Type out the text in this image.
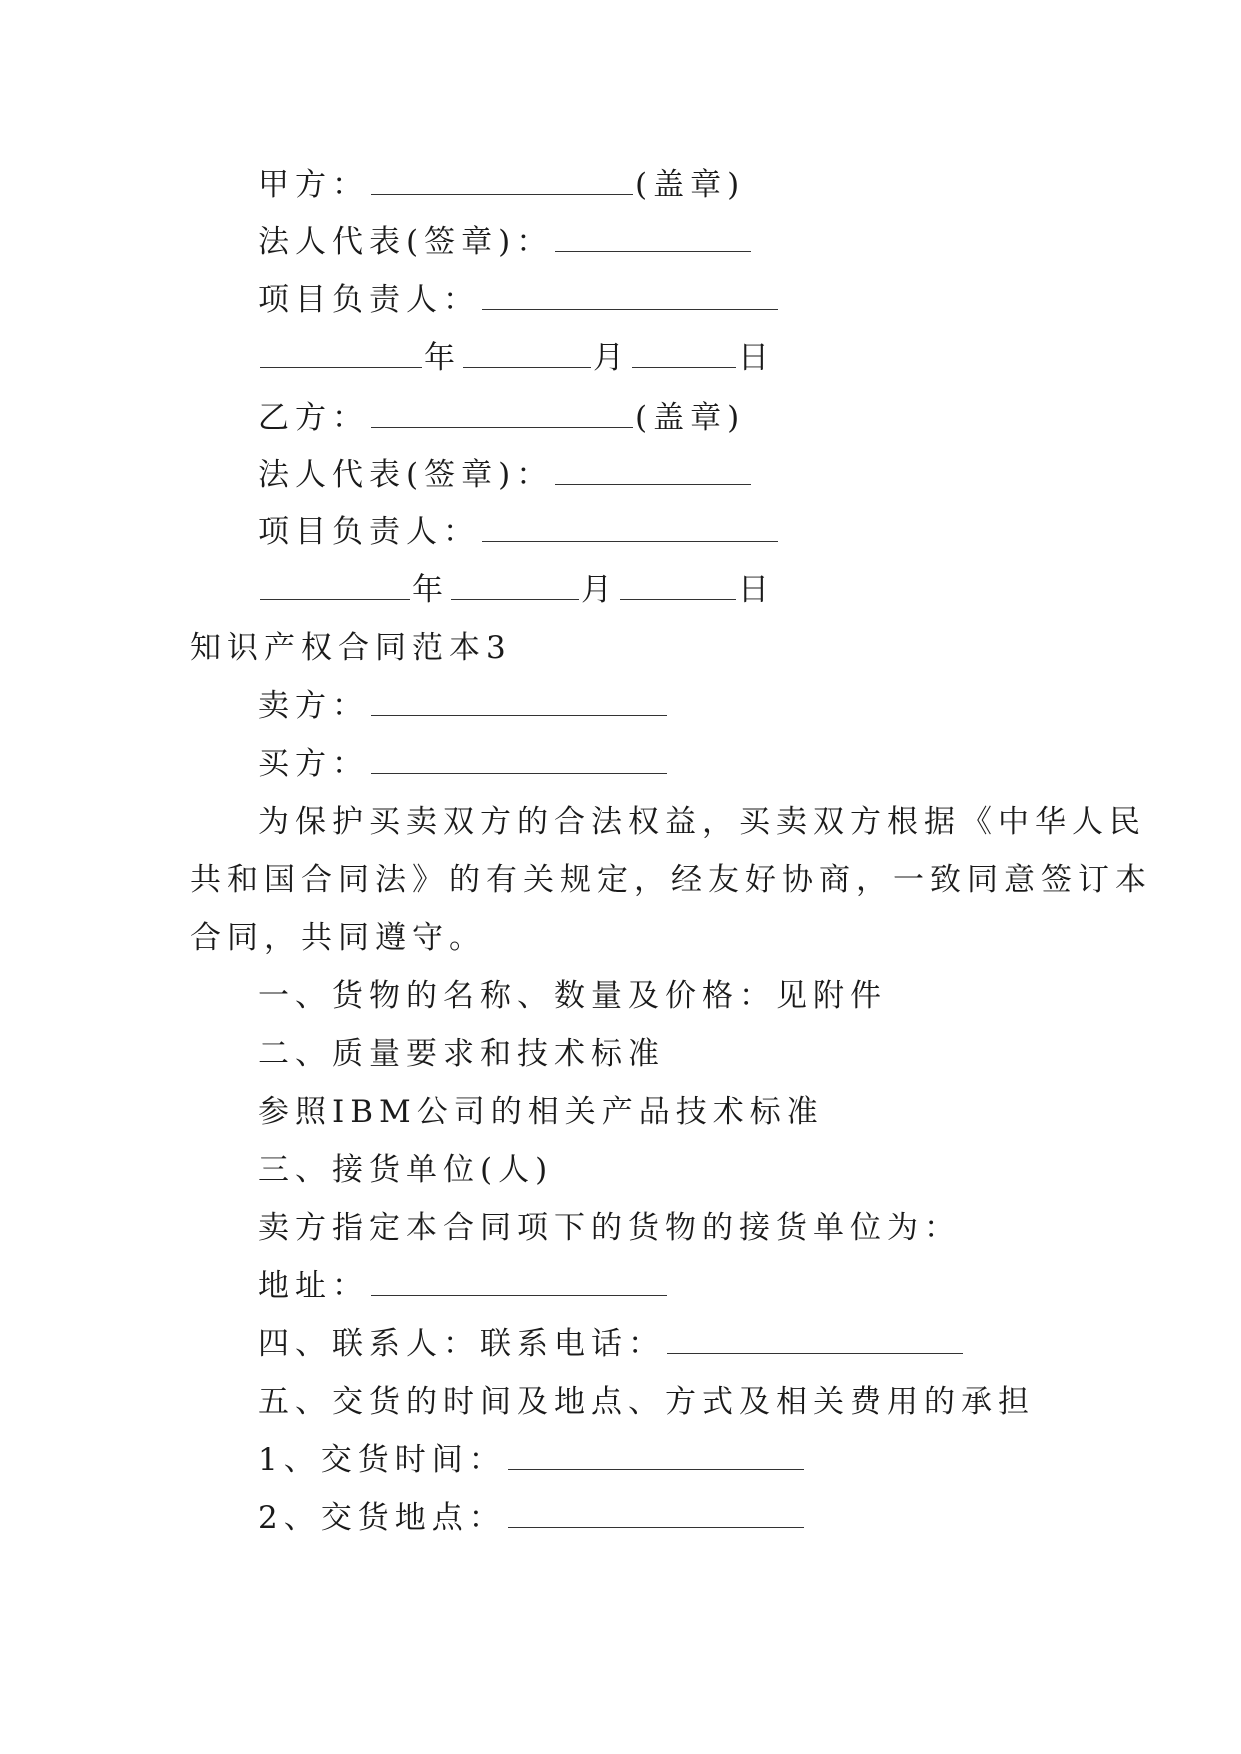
甲方：	(盖章)
法人代表(签章)：
项目负责人：
年	月	日
乙方：	(盖章)
法人代表(签章)：
项目负责人：
年	月	日
知识产权合同范本3
卖方：
买方：
为保护买卖双方的合法权益，买卖双方根据《中华人民
共和国合同法》的有关规定，经友好协商，一致同意签订本
合同，共同遵守。
一、货物的名称、数量及价格：见附件
二、质量要求和技术标准
参照IBM公司的相关产品技术标准
三、接货单位(人)
卖方指定本合同项下的货物的接货单位为：
地址：
四、联系人：联系电话：
五、交货的时间及地点、方式及相关费用的承担
1、交货时间：
2、交货地点：
